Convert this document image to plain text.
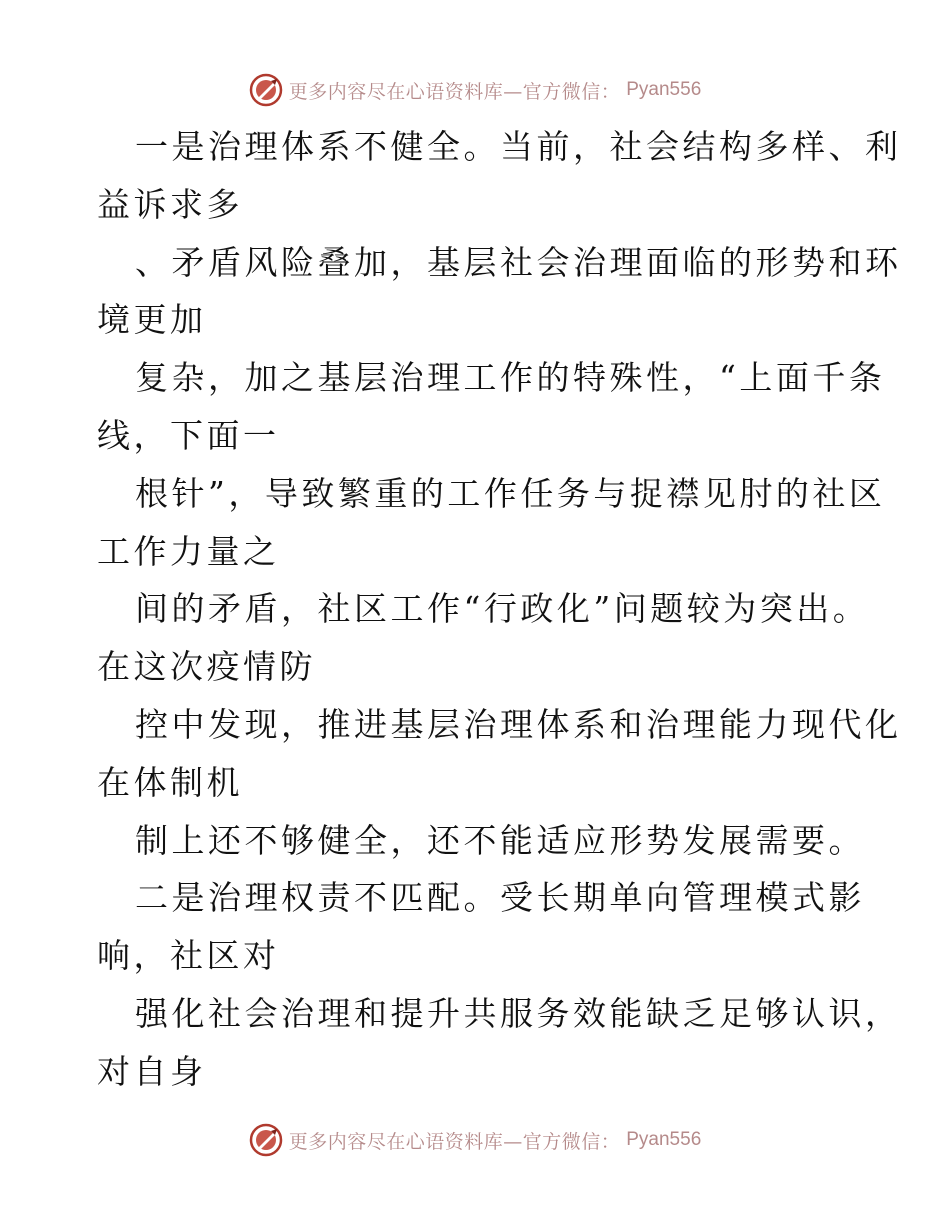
更多内容尽在心语资料库—官方微信： Pyan556
一是治理体系不健全。当前，社会结构多样、利
益诉求多
、矛盾风险叠加，基层社会治理面临的形势和环
境更加
复杂，加之基层治理工作的特殊性，“上面千条
线，下面一
根针”，导致繁重的工作任务与捉襟见肘的社区
工作力量之
间的矛盾，社区工作“行政化”问题较为突出。
在这次疫情防
控中发现，推进基层治理体系和治理能力现代化
在体制机
制上还不够健全，还不能适应形势发展需要。
二是治理权责不匹配。受长期单向管理模式影
响，社区对
强化社会治理和提升共服务效能缺乏足够认识，
对自身
更多内容尽在心语资料库—官方微信： Pyan556
